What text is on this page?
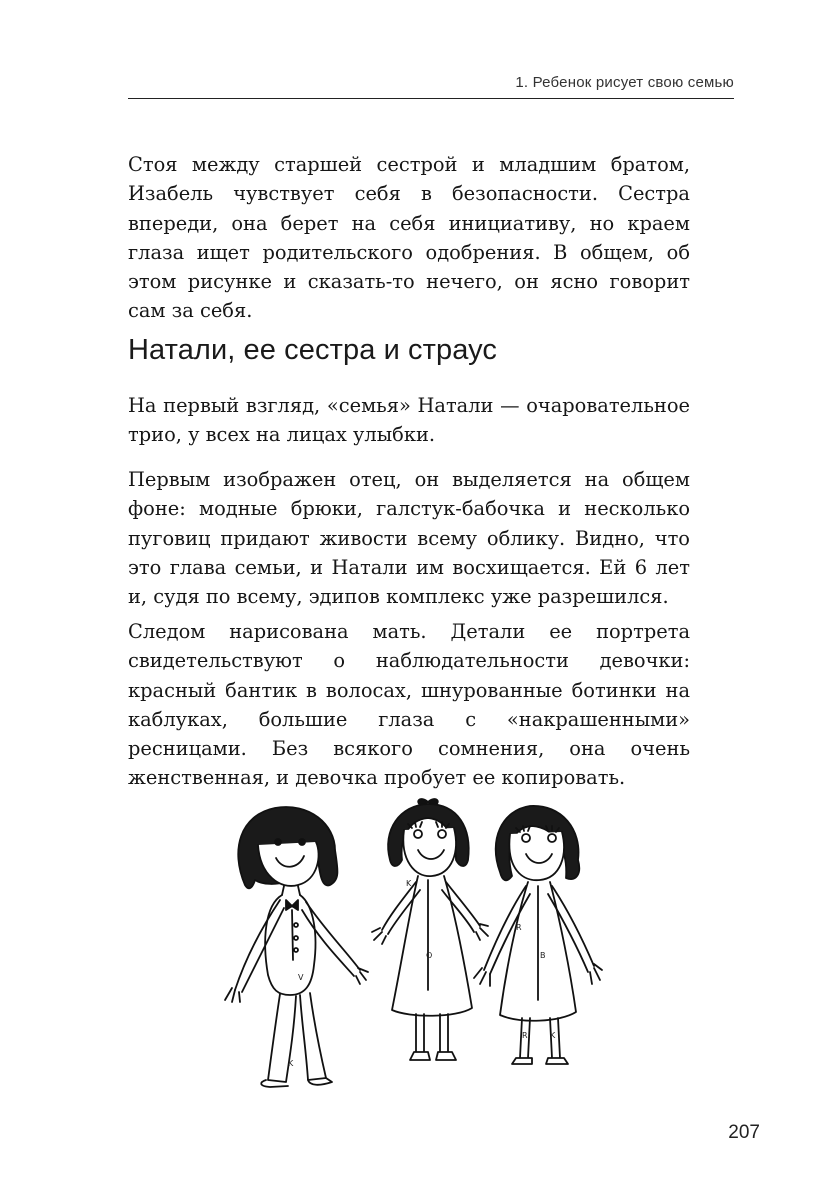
1. Ребенок рисует свою семью

Стоя между старшей сестрой и младшим братом, Изабель чувствует себя в безопасности. Сестра впереди, она берет на себя инициативу, но краем глаза ищет родительского одобрения. В общем, об этом рисунке и сказать-то нечего, он ясно говорит сам за себя.

Натали, ее сестра и страус

На первый взгляд, «семья» Натали — очаровательное трио, у всех на лицах улыбки.

Первым изображен отец, он выделяется на общем фоне: модные брюки, галстук-бабочка и несколько пуговиц придают живости всему облику. Видно, что это глава семьи, и Натали им восхищается. Ей 6 лет и, судя по всему, эдипов комплекс уже разрешился.

Следом нарисована мать. Детали ее портрета свидетельствуют о наблюдательности девочки: красный бантик в волосах, шнурованные ботинки на каблуках, большие глаза с «накрашенными» ресницами. Без всякого сомнения, она очень женственная, и девочка пробует ее копировать.

V
K
K
O
R
B
R	K
207
